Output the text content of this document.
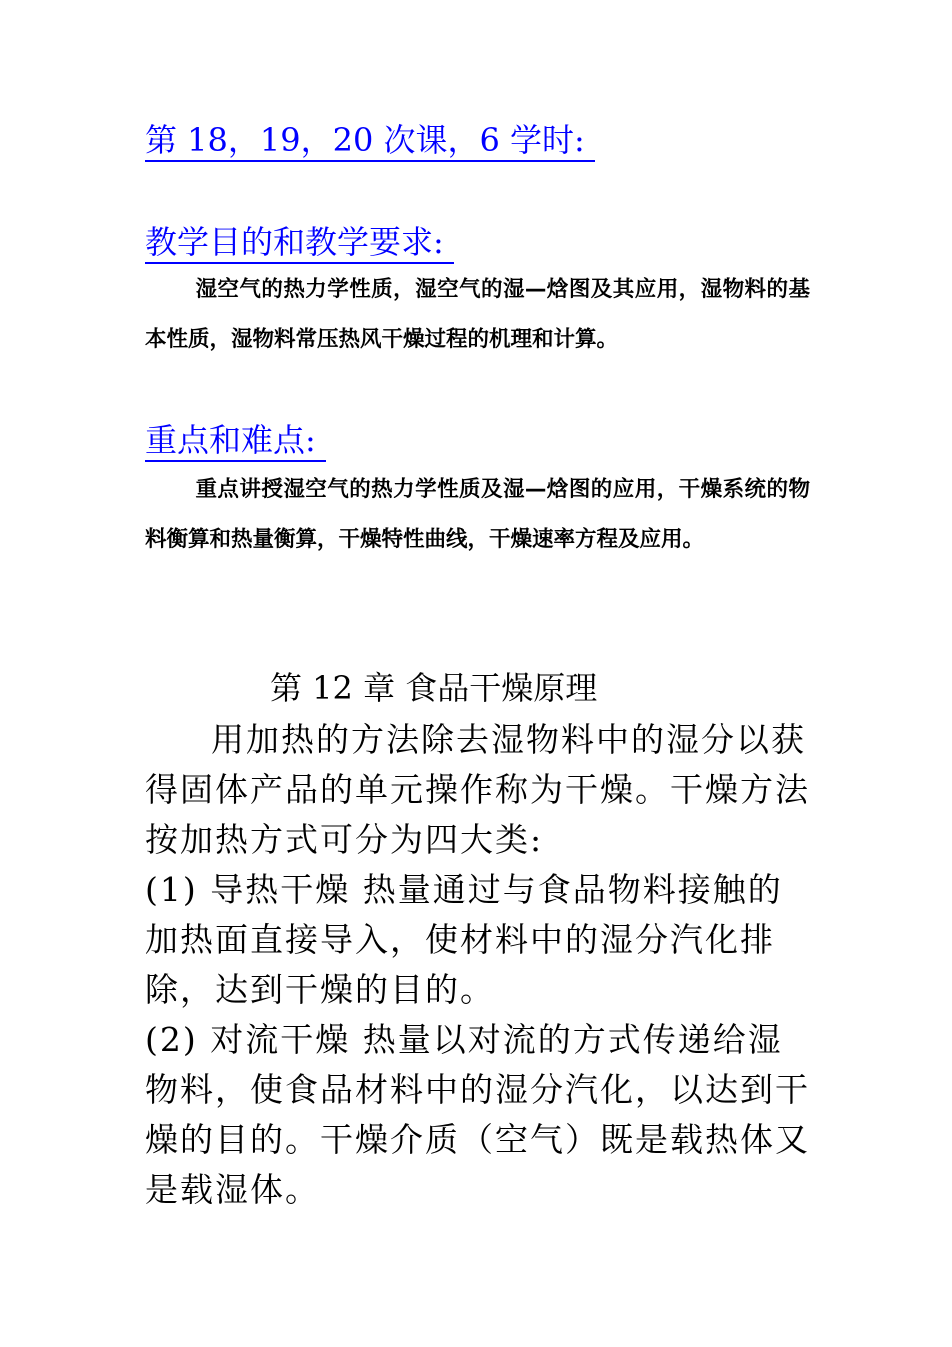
第 18，19，20 次课，6 学时:
教学目的和教学要求:

湿空气的热力学性质，湿空气的湿—焓图及其应用，湿物料的基本性质，湿物料常压热风干燥过程的机理和计算。

重点和难点:

重点讲授湿空气的热力学性质及湿—焓图的应用，干燥系统的物料衡算和热量衡算，干燥特性曲线，干燥速率方程及应用。

第 12 章 食品干燥原理

用加热的方法除去湿物料中的湿分以获得固体产品的单元操作称为干燥。干燥方法按加热方式可分为四大类:

(1) 导热干燥 热量通过与食品物料接触的加热面直接导入，使材料中的湿分汽化排除，达到干燥的目的。

(2) 对流干燥 热量以对流的方式传递给湿物料，使食品材料中的湿分汽化，以达到干燥的目的。干燥介质（空气）既是载热体又是载湿体。
